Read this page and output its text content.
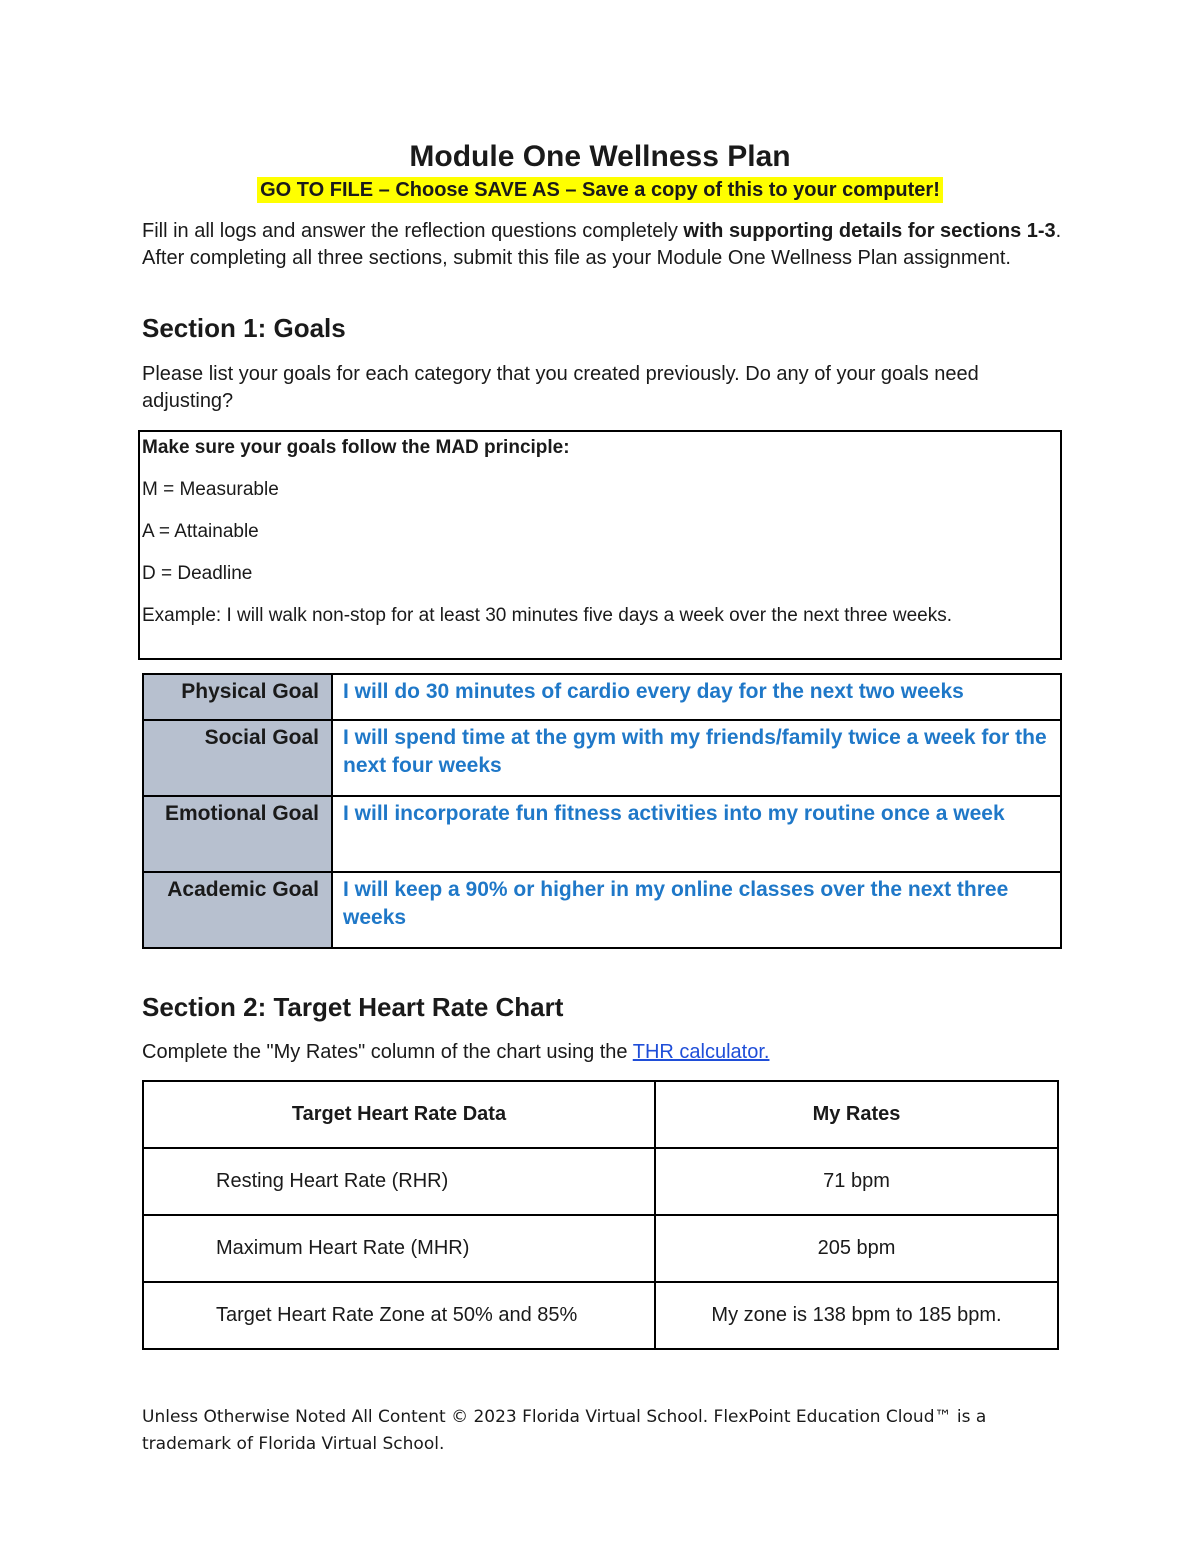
Module One Wellness Plan
GO TO FILE – Choose SAVE AS – Save a copy of this to your computer!
Fill in all logs and answer the reflection questions completely with supporting details for sections 1-3. After completing all three sections, submit this file as your Module One Wellness Plan assignment.
Section 1: Goals
Please list your goals for each category that you created previously. Do any of your goals need adjusting?

Make sure your goals follow the MAD principle:

M = Measurable

A = Attainable

D = Deadline

Example: I will walk non-stop for at least 30 minutes five days a week over the next three weeks.

Physical Goal	I will do 30 minutes of cardio every day for the next two weeks
Social Goal	I will spend time at the gym with my friends/family twice a week for the next four weeks
Emotional Goal	I will incorporate fun fitness activities into my routine once a week
Academic Goal	I will keep a 90% or higher in my online classes over the next three weeks
Section 2: Target Heart Rate Chart
Complete the "My Rates" column of the chart using the THR calculator.
Target Heart Rate Data	My Rates
Resting Heart Rate (RHR)	71 bpm
Maximum Heart Rate (MHR)	205 bpm
Target Heart Rate Zone at 50% and 85%	My zone is 138 bpm to 185 bpm.
Unless Otherwise Noted All Content © 2023 Florida Virtual School. FlexPoint Education Cloud™ is a trademark of Florida Virtual School.
